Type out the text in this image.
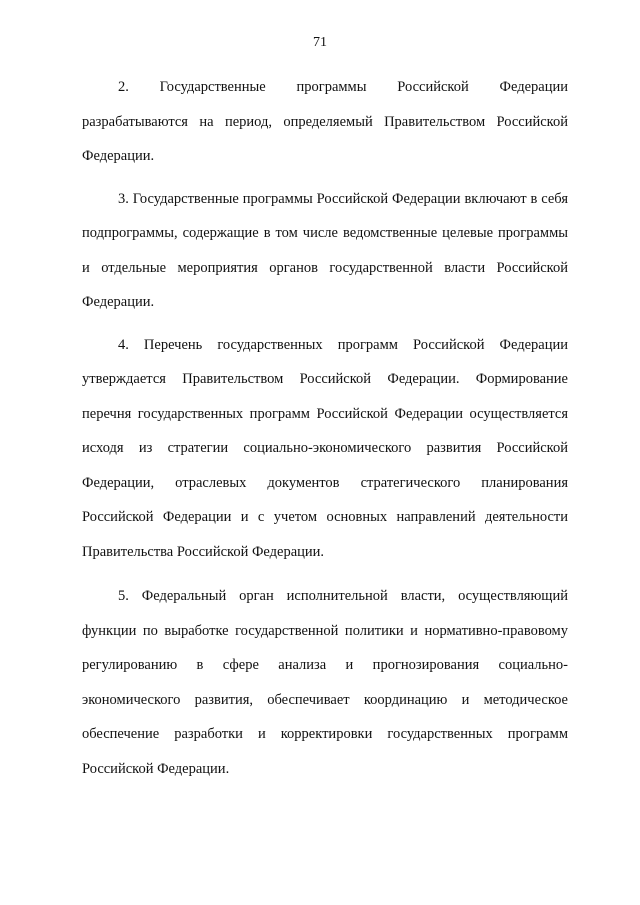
71

2. Государственные программы Российской Федерации разрабатываются на период, определяемый Правительством Российской Федерации.

3. Государственные программы Российской Федерации включают в себя подпрограммы, содержащие в том числе ведомственные целевые программы и отдельные мероприятия органов государственной власти Российской Федерации.

4. Перечень государственных программ Российской Федерации утверждается Правительством Российской Федерации. Формирование перечня государственных программ Российской Федерации осуществляется исходя из стратегии социально-экономического развития Российской Федерации, отраслевых документов стратегического планирования Российской Федерации и с учетом основных направлений деятельности Правительства Российской Федерации.

5. Федеральный орган исполнительной власти, осуществляющий функции по выработке государственной политики и нормативно-правовому регулированию в сфере анализа и прогнозирования социально-экономического развития, обеспечивает координацию и методическое обеспечение разработки и корректировки государственных программ Российской Федерации.
